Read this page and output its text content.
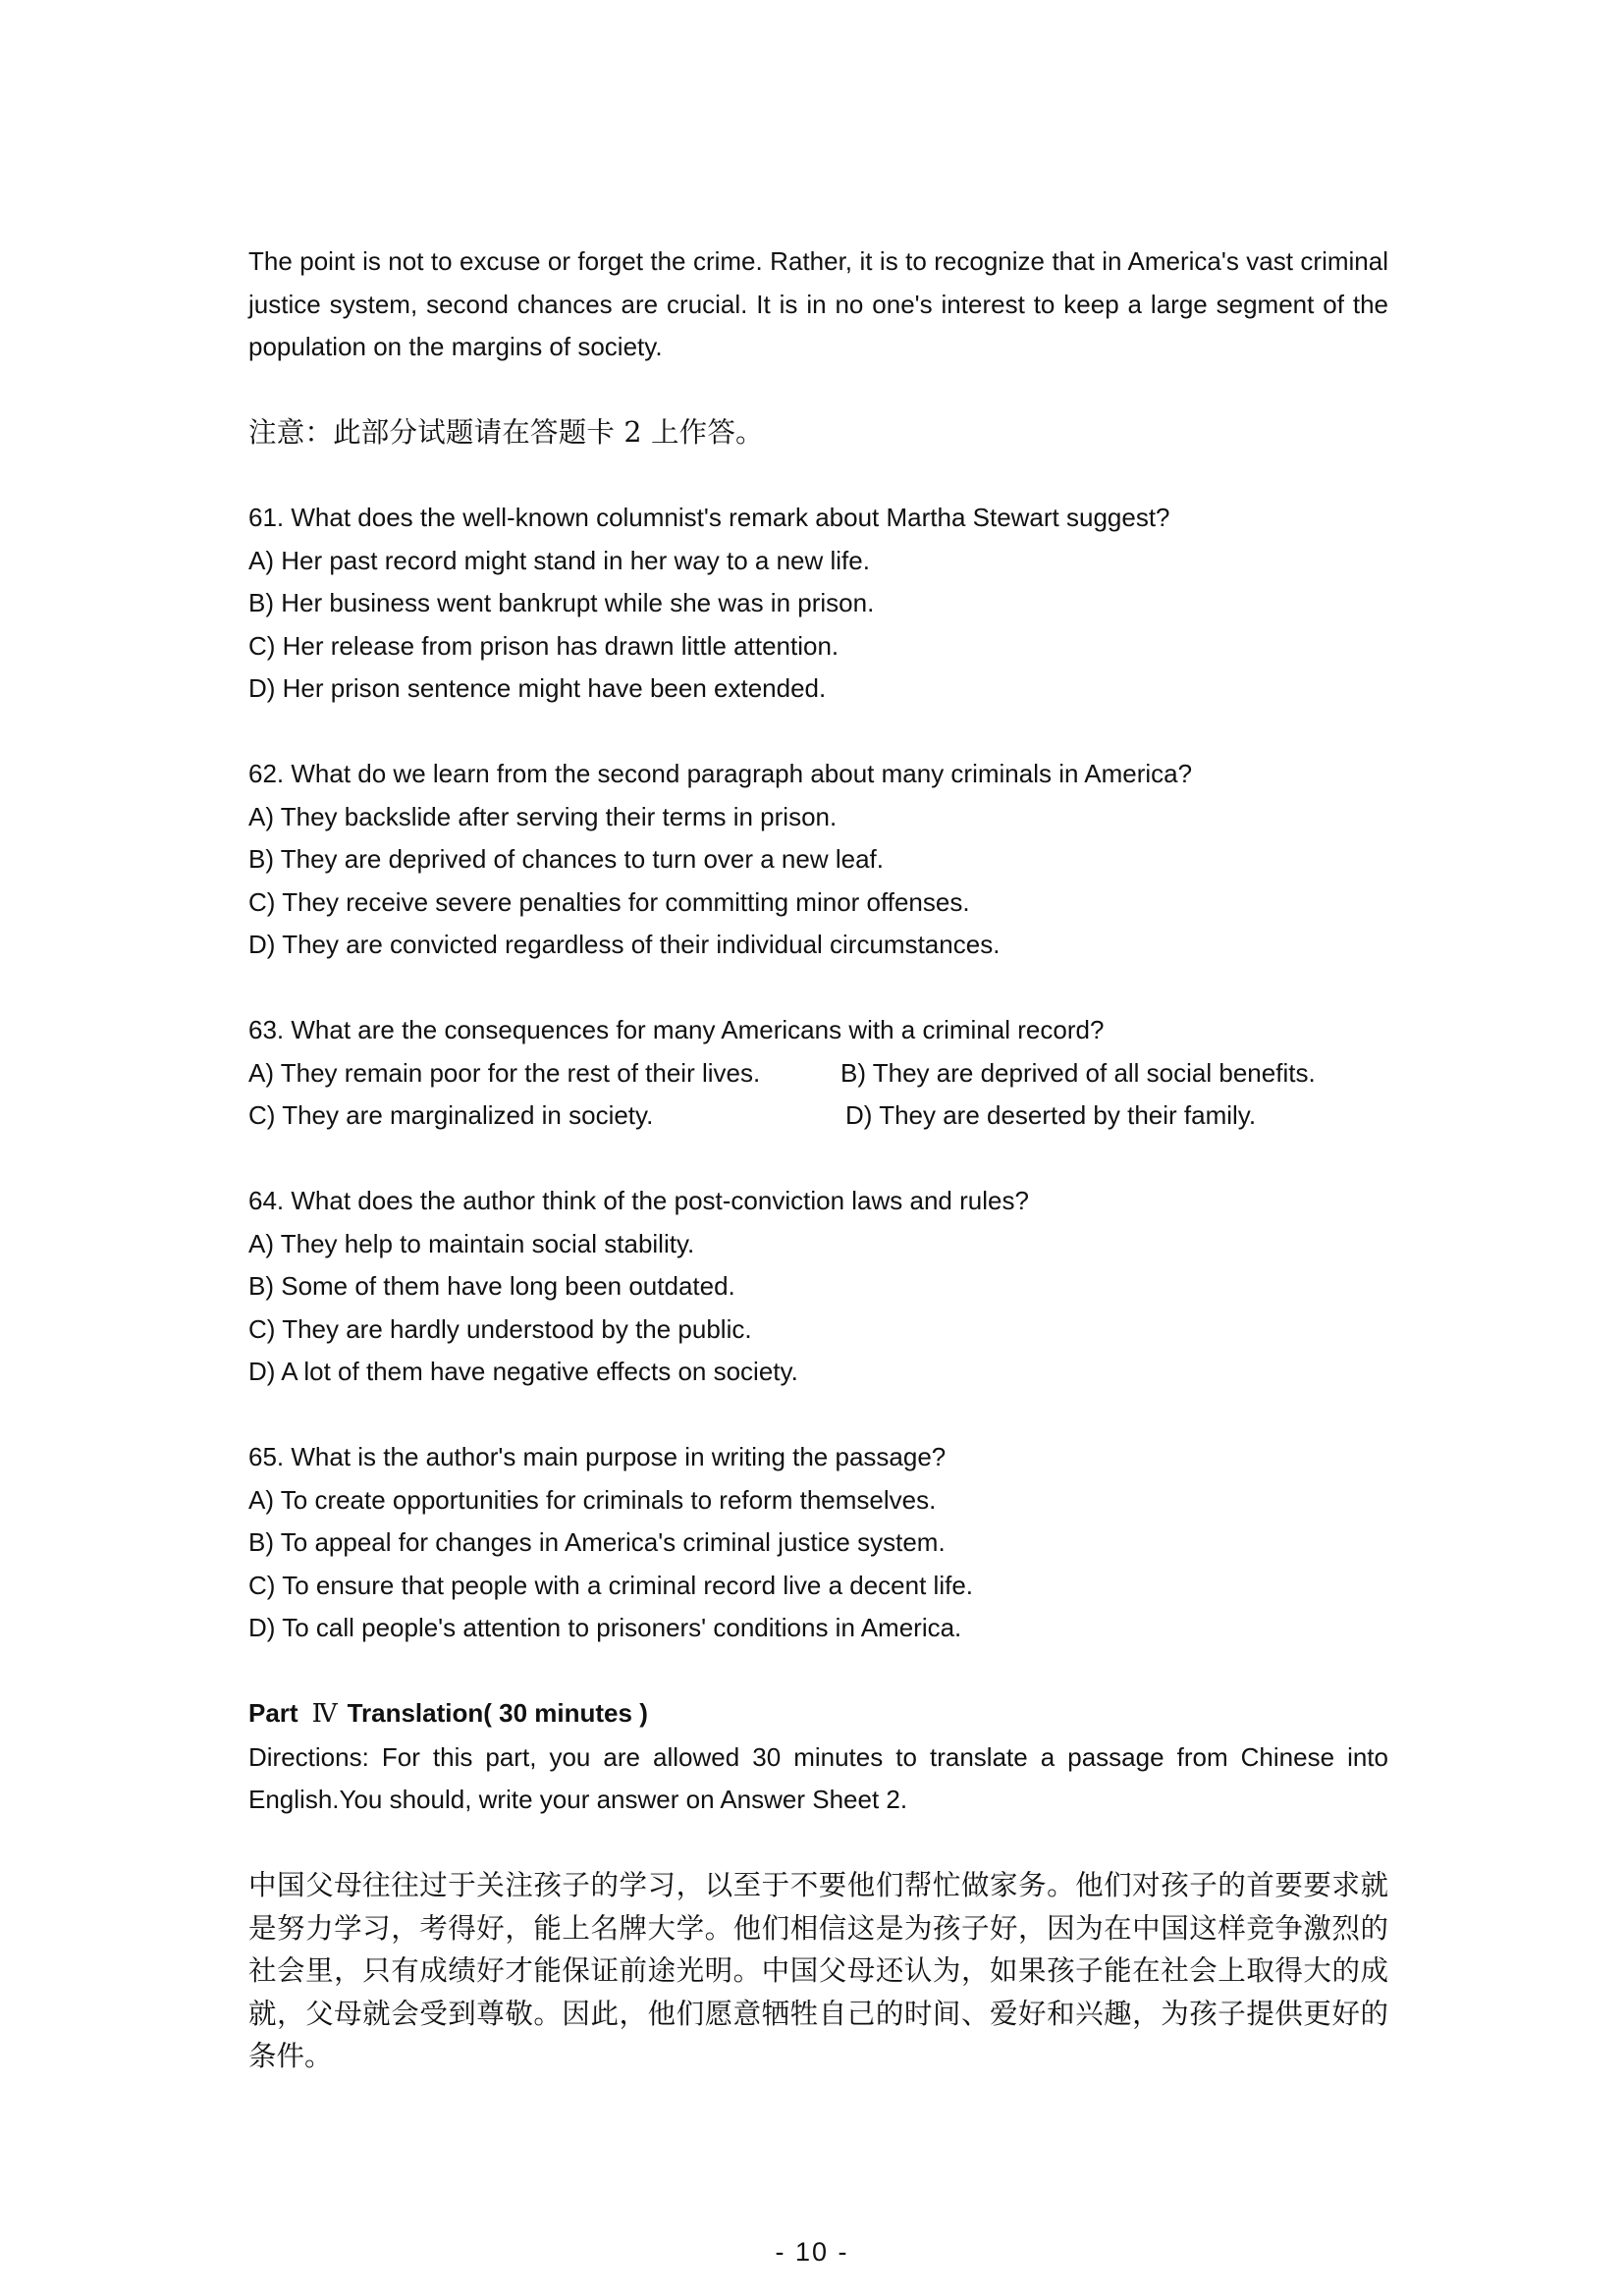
The point is not to excuse or forget the crime. Rather, it is to recognize that in America's vast criminal justice system, second chances are crucial. It is in no one's interest to keep a large segment of the population on the margins of society.

注意：此部分试题请在答题卡 2 上作答。
61. What does the well-known columnist's remark about Martha Stewart suggest?
A) Her past record might stand in her way to a new life.
B) Her business went bankrupt while she was in prison.
C) Her release from prison has drawn little attention.
D) Her prison sentence might have been extended.
62. What do we learn from the second paragraph about many criminals in America?
A) They backslide after serving their terms in prison.
B) They are deprived of chances to turn over a new leaf.
C) They receive severe penalties for committing minor offenses.
D) They are convicted regardless of their individual circumstances.
63. What are the consequences for many Americans with a criminal record?
A) They remain poor for the rest of their lives.	B) They are deprived of all social benefits.
C) They are marginalized in society.	D) They are deserted by their family.
64. What does the author think of the post-conviction laws and rules?
A) They help to maintain social stability.
B) Some of them have long been outdated.
C) They are hardly understood by the public.
D) A lot of them have negative effects on society.
65. What is the author's main purpose in writing the passage?
A) To create opportunities for criminals to reform themselves.
B) To appeal for changes in America's criminal justice system.
C) To ensure that people with a criminal record live a decent life.
D) To call people's attention to prisoners' conditions in America.
Part Ⅳ Translation( 30 minutes )

Directions: For this part, you are allowed 30 minutes to translate a passage from Chinese into English.You should, write your answer on Answer Sheet 2.

中国父母往往过于关注孩子的学习，以至于不要他们帮忙做家务。他们对孩子的首要要求就是努力学习，考得好，能上名牌大学。他们相信这是为孩子好，因为在中国这样竞争激烈的社会里，只有成绩好才能保证前途光明。中国父母还认为，如果孩子能在社会上取得大的成就，父母就会受到尊敬。因此，他们愿意牺牲自己的时间、爱好和兴趣，为孩子提供更好的条件。

- 10 -
